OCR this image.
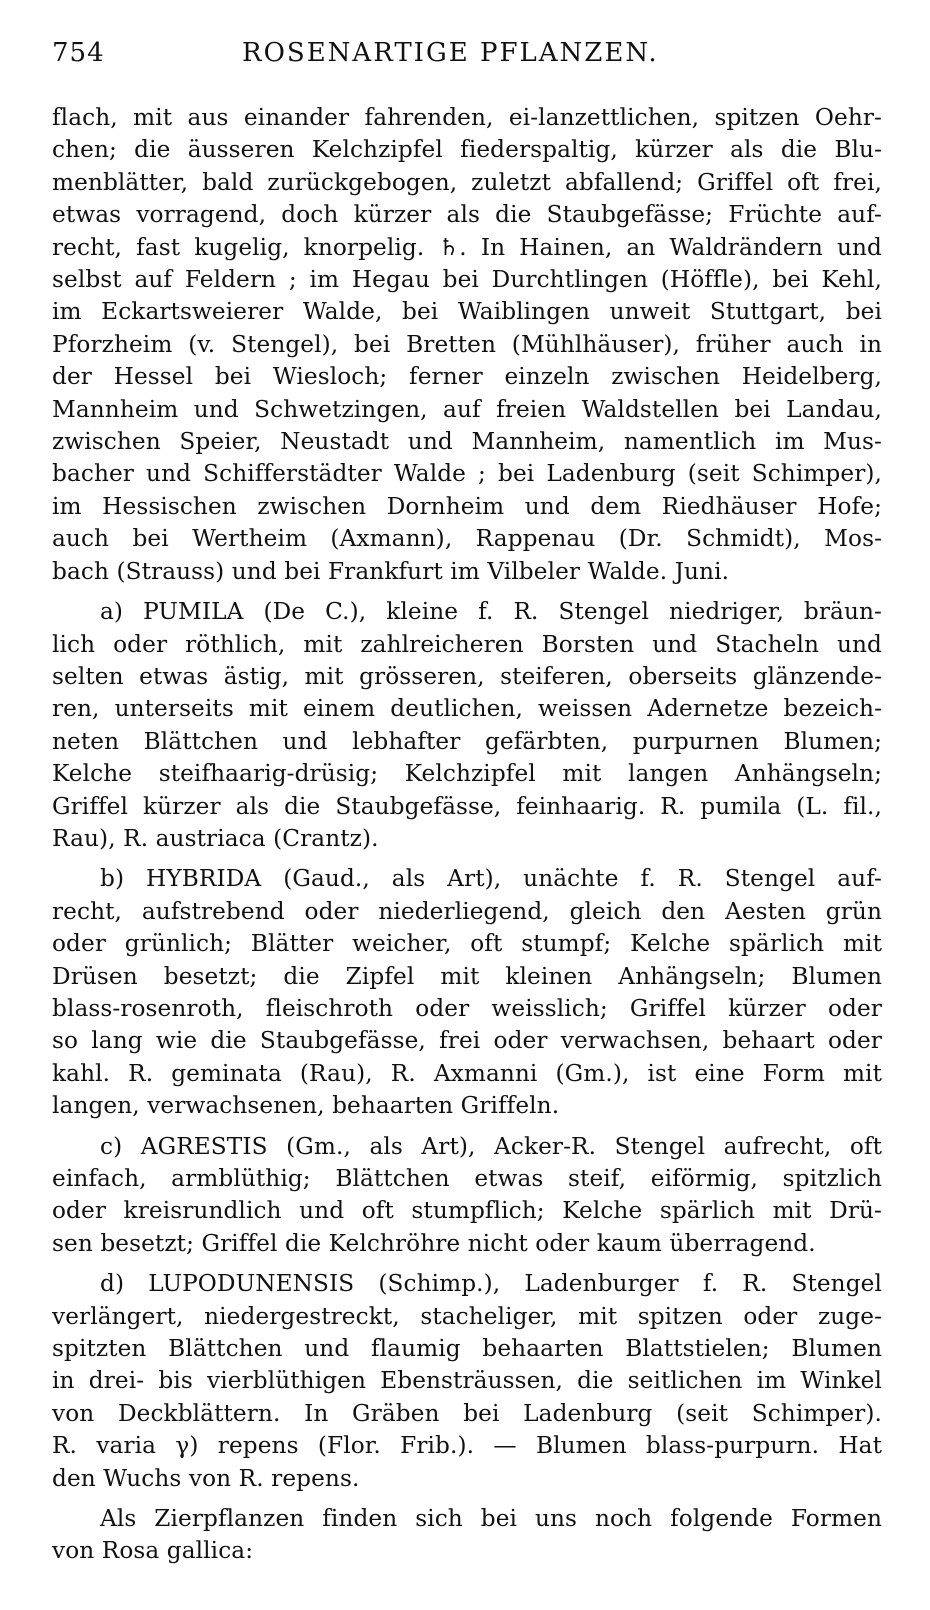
754	ROSENARTIGE PFLANZEN.
flach, mit aus einander fahrenden, ei-lanzettlichen, spitzen Oehr-
chen; die äusseren Kelchzipfel fiederspaltig, kürzer als die Blu-
menblätter, bald zurückgebogen, zuletzt abfallend; Griffel oft frei,
etwas vorragend, doch kürzer als die Staubgefässe; Früchte auf-
recht, fast kugelig, knorpelig. ♄. In Hainen, an Waldrändern und
selbst auf Feldern ; im Hegau bei Durchtlingen (Höffle), bei Kehl,
im Eckartsweierer Walde, bei Waiblingen unweit Stuttgart, bei
Pforzheim (v. Stengel), bei Bretten (Mühlhäuser), früher auch in
der Hessel bei Wiesloch; ferner einzeln zwischen Heidelberg,
Mannheim und Schwetzingen, auf freien Waldstellen bei Landau,
zwischen Speier, Neustadt und Mannheim, namentlich im Mus-
bacher und Schifferstädter Walde ; bei Ladenburg (seit Schimper),
im Hessischen zwischen Dornheim und dem Riedhäuser Hofe;
auch bei Wertheim (Axmann), Rappenau (Dr. Schmidt), Mos-
bach (Strauss) und bei Frankfurt im Vilbeler Walde. Juni.
a) PUMILA (De C.), kleine f. R. Stengel niedriger, bräun-
lich oder röthlich, mit zahlreicheren Borsten und Stacheln und
selten etwas ästig, mit grösseren, steiferen, oberseits glänzende-
ren, unterseits mit einem deutlichen, weissen Adernetze bezeich-
neten Blättchen und lebhafter gefärbten, purpurnen Blumen;
Kelche steifhaarig-drüsig; Kelchzipfel mit langen Anhängseln;
Griffel kürzer als die Staubgefässe, feinhaarig. R. pumila (L. fil.,
Rau), R. austriaca (Crantz).
b) HYBRIDA (Gaud., als Art), unächte f. R. Stengel auf-
recht, aufstrebend oder niederliegend, gleich den Aesten grün
oder grünlich; Blätter weicher, oft stumpf; Kelche spärlich mit
Drüsen besetzt; die Zipfel mit kleinen Anhängseln; Blumen
blass-rosenroth, fleischroth oder weisslich; Griffel kürzer oder
so lang wie die Staubgefässe, frei oder verwachsen, behaart oder
kahl. R. geminata (Rau), R. Axmanni (Gm.), ist eine Form mit
langen, verwachsenen, behaarten Griffeln.
c) AGRESTIS (Gm., als Art), Acker-R. Stengel aufrecht, oft
einfach, armblüthig; Blättchen etwas steif, eiförmig, spitzlich
oder kreisrundlich und oft stumpflich; Kelche spärlich mit Drü-
sen besetzt; Griffel die Kelchröhre nicht oder kaum überragend.
d) LUPODUNENSIS (Schimp.), Ladenburger f. R. Stengel
verlängert, niedergestreckt, stacheliger, mit spitzen oder zuge-
spitzten Blättchen und flaumig behaarten Blattstielen; Blumen
in drei- bis vierblüthigen Ebensträussen, die seitlichen im Winkel
von Deckblättern. In Gräben bei Ladenburg (seit Schimper).
R. varia γ) repens (Flor. Frib.). — Blumen blass-purpurn. Hat
den Wuchs von R. repens.
Als Zierpflanzen finden sich bei uns noch folgende Formen
von Rosa gallica:
